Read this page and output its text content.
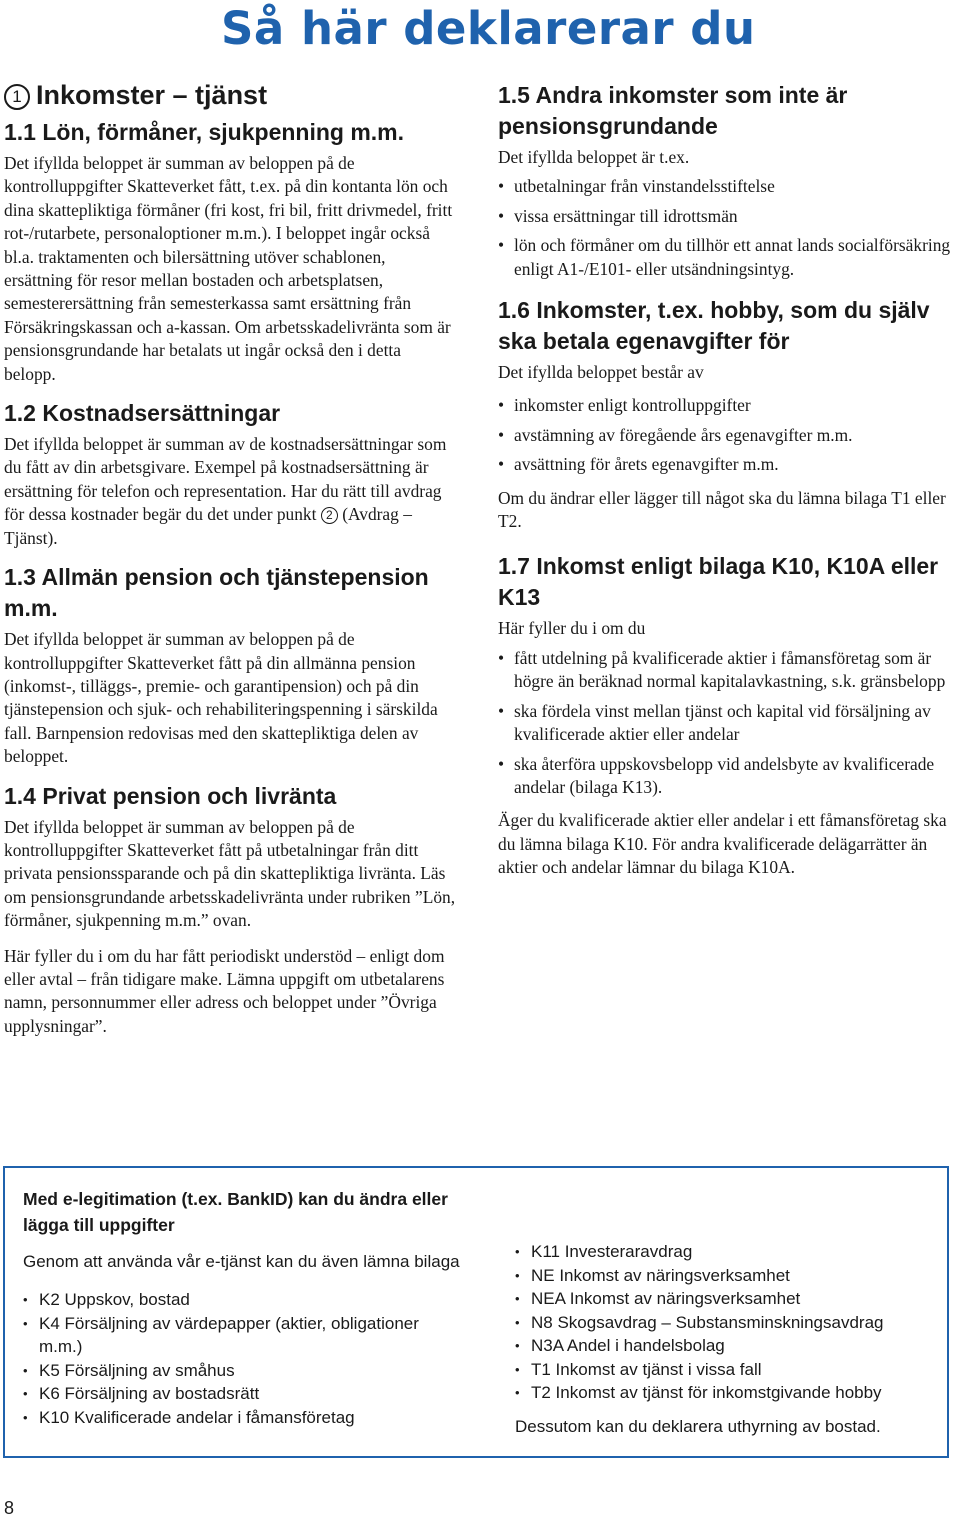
Så här deklarerar du
1 Inkomster – tjänst
1.1 Lön, förmåner, sjukpenning m.m.

Det ifyllda beloppet är summan av beloppen på de kontrolluppgifter Skatteverket fått, t.ex. på din kontanta lön och dina skattepliktiga förmåner (fri kost, fri bil, fritt drivmedel, fritt rot-/rutarbete, personaloptioner m.m.). I beloppet ingår också bl.a. traktamenten och bilersättning utöver schablonen, ersättning för resor mellan bostaden och arbetsplatsen, semesterersättning från semesterkassa samt ersättning från Försäkringskassan och a-kassan. Om arbetsskadelivränta som är pensionsgrundande har betalats ut ingår också den i detta belopp.

1.2 Kostnadsersättningar

Det ifyllda beloppet är summan av de kostnadsersättningar som du fått av din arbetsgivare. Exempel på kostnadsersättning är ersättning för telefon och representation. Har du rätt till avdrag för dessa kostnader begär du det under punkt 2 (Avdrag – Tjänst).

1.3 Allmän pension och tjänstepension m.m.

Det ifyllda beloppet är summan av beloppen på de kontrolluppgifter Skatteverket fått på din allmänna pension (inkomst-, tilläggs-, premie- och garantipension) och på din tjänstepension och sjuk- och rehabiliteringspenning i särskilda fall. Barnpension redovisas med den skattepliktiga delen av beloppet.

1.4 Privat pension och livränta

Det ifyllda beloppet är summan av beloppen på de kontrolluppgifter Skatteverket fått på utbetalningar från ditt privata pensionssparande och på din skattepliktiga livränta. Läs om pensionsgrundande arbetsskadelivränta under rubriken ”Lön, förmåner, sjukpenning m.m.” ovan.

Här fyller du i om du har fått periodiskt understöd – enligt dom eller avtal – från tidigare make. Lämna uppgift om utbetalarens namn, personnummer eller adress och beloppet under ”Övriga upplysningar”.

1.5 Andra inkomster som inte är pensionsgrundande

Det ifyllda beloppet är t.ex.

• utbetalningar från vinstandelsstiftelse
• vissa ersättningar till idrottsmän
• lön och förmåner om du tillhör ett annat lands socialförsäkring enligt A1-/E101- eller utsändningsintyg.
1.6 Inkomster, t.ex. hobby, som du själv ska betala egenavgifter för

Det ifyllda beloppet består av

• inkomster enligt kontrolluppgifter
• avstämning av föregående års egenavgifter m.m.
• avsättning för årets egenavgifter m.m.

Om du ändrar eller lägger till något ska du lämna bilaga T1 eller T2.

1.7 Inkomst enligt bilaga K10, K10A eller K13

Här fyller du i om du

• fått utdelning på kvalificerade aktier i fåmansföretag som är högre än beräknad normal kapitalavkastning, s.k. gränsbelopp
• ska fördela vinst mellan tjänst och kapital vid försäljning av kvalificerade aktier eller andelar
• ska återföra uppskovsbelopp vid andelsbyte av kvalificerade andelar (bilaga K13).

Äger du kvalificerade aktier eller andelar i ett fåmansföretag ska du lämna bilaga K10. För andra kvalificerade delägarrätter än aktier och andelar lämnar du bilaga K10A.

Med e-legitimation (t.ex. BankID) kan du ändra eller lägga till uppgifter
Genom att använda vår e-tjänst kan du även lämna bilaga
• K2 Uppskov, bostad
• K4 Försäljning av värdepapper (aktier, obligationer m.m.)
• K5 Försäljning av småhus
• K6 Försäljning av bostadsrätt
• K10 Kvalificerade andelar i fåmansföretag
• K11 Investeraravdrag
• NE Inkomst av näringsverksamhet
• NEA Inkomst av näringsverksamhet
• N8 Skogsavdrag – Substansminskningsavdrag
• N3A Andel i handelsbolag
• T1 Inkomst av tjänst i vissa fall
• T2 Inkomst av tjänst för inkomstgivande hobby
Dessutom kan du deklarera uthyrning av bostad.
8
